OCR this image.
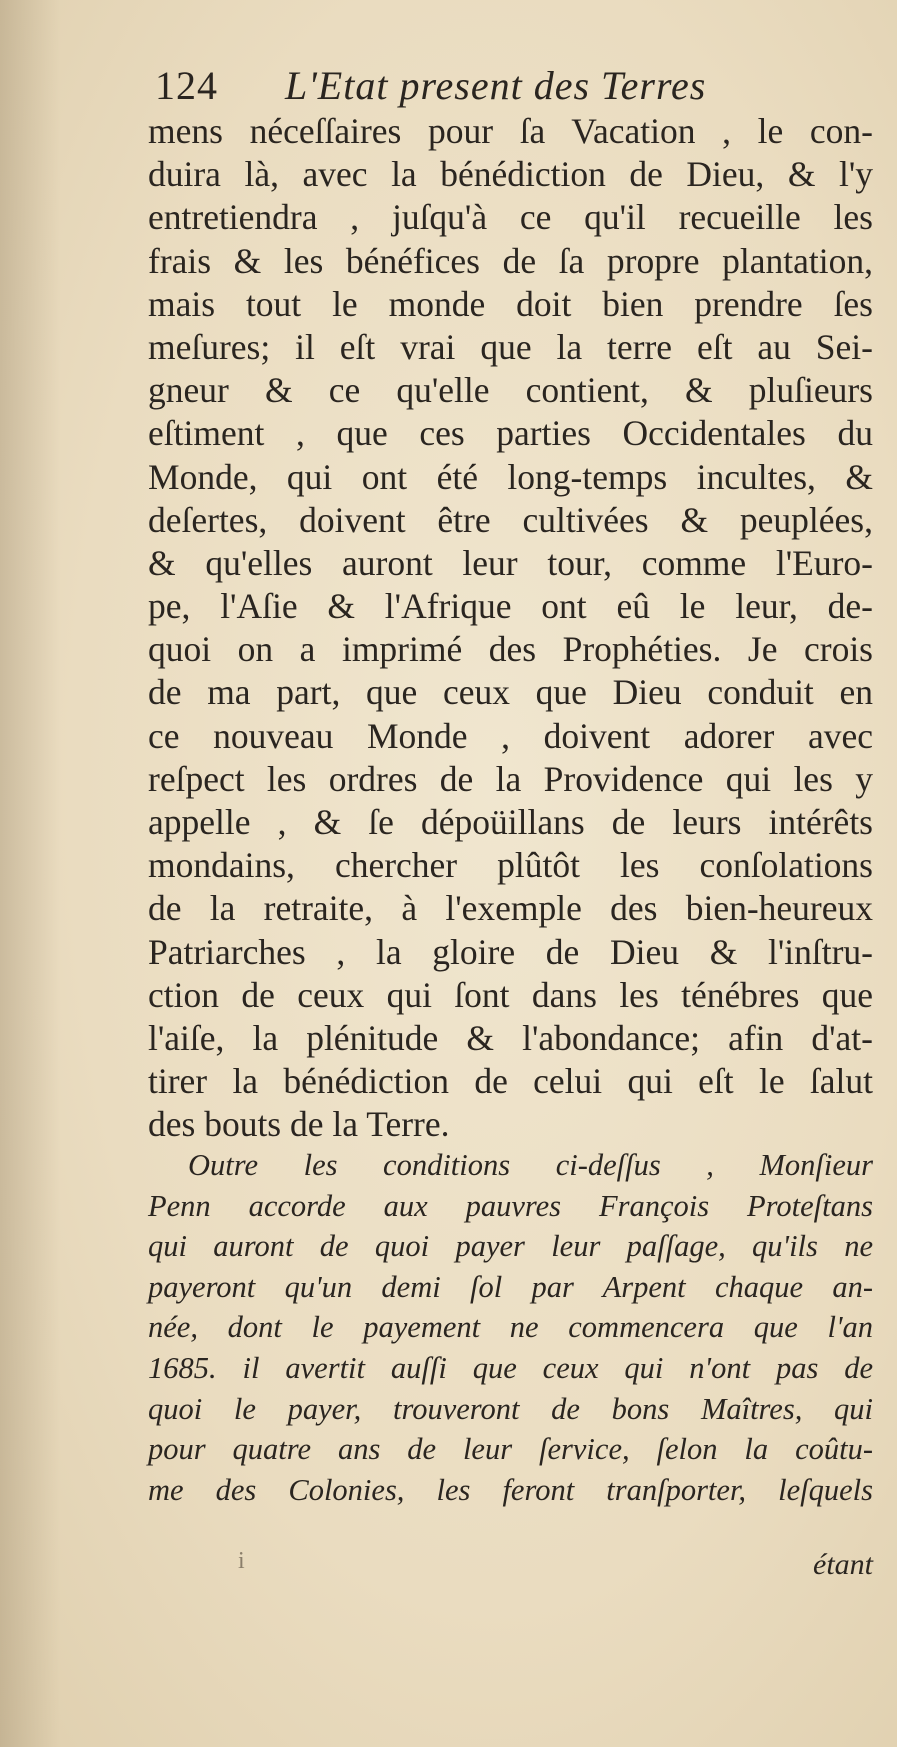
124 L'Etat present des Terres
mens néceſſaires pour ſa Vacation , le con-
duira là, avec la bénédiction de Dieu, & l'y
entretiendra , juſqu'à ce qu'il recueille les
frais & les bénéfices de ſa propre plantation,
mais tout le monde doit bien prendre ſes
meſures; il eſt vrai que la terre eſt au Sei-
gneur & ce qu'elle contient, & pluſieurs
eſtiment , que ces parties Occidentales du
Monde, qui ont été long-temps incultes, &
deſertes, doivent être cultivées & peuplées,
& qu'elles auront leur tour, comme l'Euro-
pe, l'Aſie & l'Afrique ont eû le leur, de-
quoi on a imprimé des Prophéties. Je crois
de ma part, que ceux que Dieu conduit en
ce nouveau Monde , doivent adorer avec
reſpect les ordres de la Providence qui les y
appelle , & ſe dépoüillans de leurs intérêts
mondains, chercher plûtôt les conſolations
de la retraite, à l'exemple des bien-heureux
Patriarches , la gloire de Dieu & l'inſtru-
ction de ceux qui ſont dans les ténébres que
l'aiſe, la plénitude & l'abondance; afin d'at-
tirer la bénédiction de celui qui eſt le ſalut
des bouts de la Terre.
Outre les conditions ci-deſſus , Monſieur
Penn accorde aux pauvres François Proteſtans
qui auront de quoi payer leur paſſage, qu'ils ne
payeront qu'un demi ſol par Arpent chaque an-
née, dont le payement ne commencera que l'an
1685. il avertit auſſi que ceux qui n'ont pas de
quoi le payer, trouveront de bons Maîtres, qui
pour quatre ans de leur ſervice, ſelon la coûtu-
me des Colonies, les feront tranſporter, leſquels
i	étant
